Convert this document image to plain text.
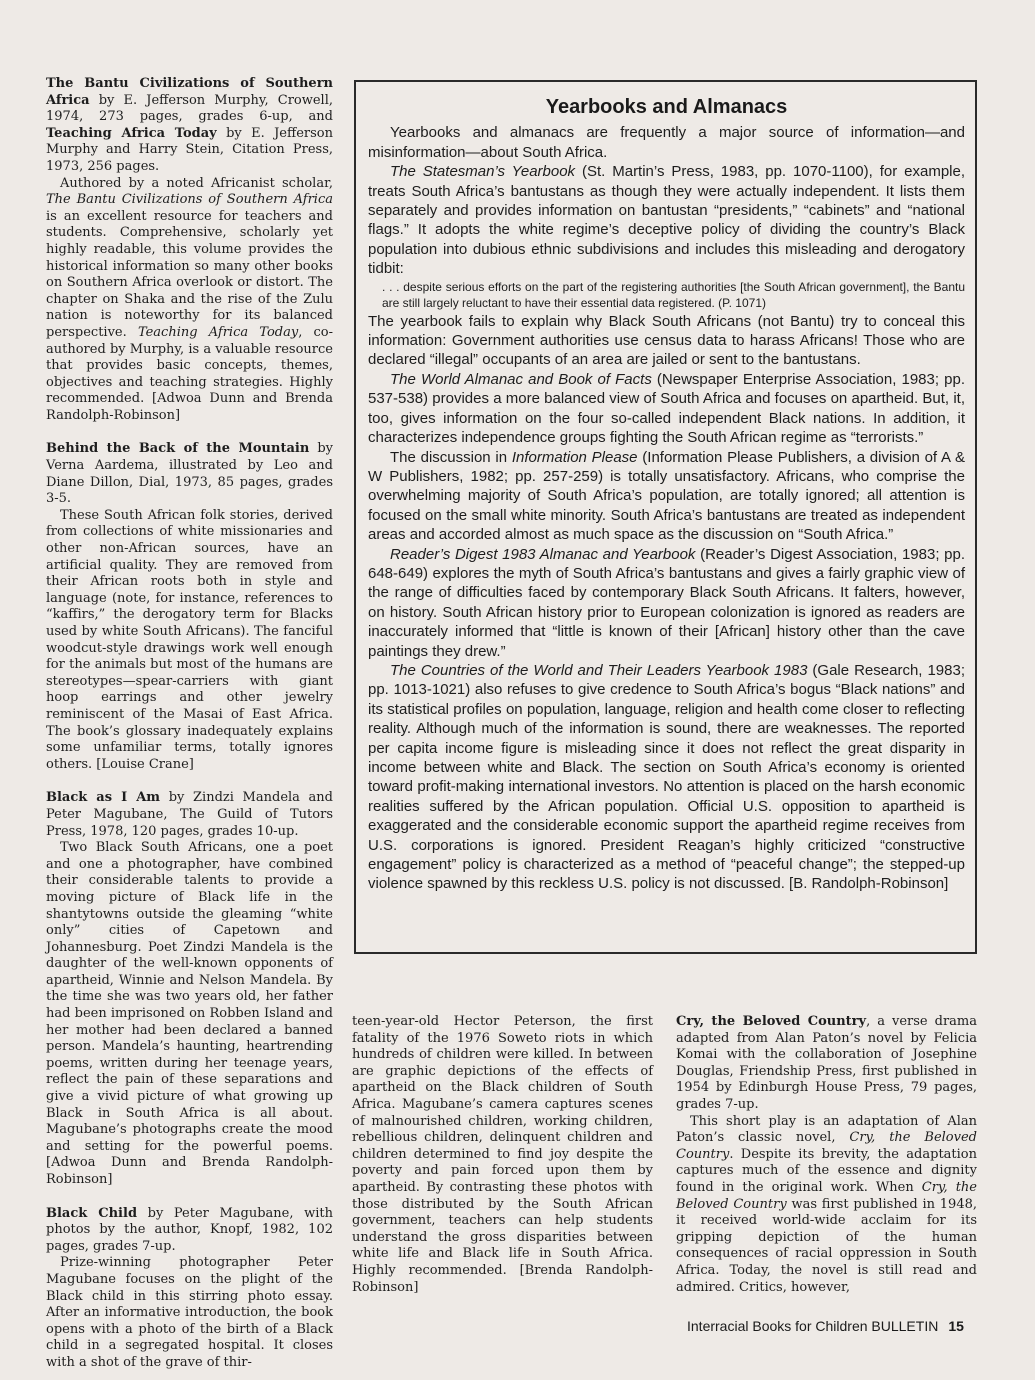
The Bantu Civilizations of Southern Africa by E. Jefferson Murphy, Crowell, 1974, 273 pages, grades 6-up, and Teaching Africa Today by E. Jefferson Murphy and Harry Stein, Citation Press, 1973, 256 pages.

Authored by a noted Africanist scholar, The Bantu Civilizations of Southern Africa is an excellent resource for teachers and students. Comprehensive, scholarly yet highly readable, this volume provides the historical information so many other books on Southern Africa overlook or distort. The chapter on Shaka and the rise of the Zulu nation is noteworthy for its balanced perspective. Teaching Africa Today, co-authored by Murphy, is a valuable resource that provides basic concepts, themes, objectives and teaching strategies. Highly recommended. [Adwoa Dunn and Brenda Randolph-Robinson]

Behind the Back of the Mountain by Verna Aardema, illustrated by Leo and Diane Dillon, Dial, 1973, 85 pages, grades 3-5.

These South African folk stories, derived from collections of white missionaries and other non-African sources, have an artificial quality. They are removed from their African roots both in style and language (note, for instance, references to “kaffirs,” the derogatory term for Blacks used by white South Africans). The fanciful woodcut-style drawings work well enough for the animals but most of the humans are stereotypes—spear-carriers with giant hoop earrings and other jewelry reminiscent of the Masai of East Africa. The book’s glossary inadequately explains some unfamiliar terms, totally ignores others. [Louise Crane]

Black as I Am by Zindzi Mandela and Peter Magubane, The Guild of Tutors Press, 1978, 120 pages, grades 10-up.

Two Black South Africans, one a poet and one a photographer, have combined their considerable talents to provide a moving picture of Black life in the shantytowns outside the gleaming “white only” cities of Capetown and Johannesburg. Poet Zindzi Mandela is the daughter of the well-known opponents of apartheid, Winnie and Nelson Mandela. By the time she was two years old, her father had been imprisoned on Robben Island and her mother had been declared a banned person. Mandela’s haunting, heartrending poems, written during her teenage years, reflect the pain of these separations and give a vivid picture of what growing up Black in South Africa is all about. Magubane’s photographs create the mood and setting for the powerful poems. [Adwoa Dunn and Brenda Randolph-Robinson]

Black Child by Peter Magubane, with photos by the author, Knopf, 1982, 102 pages, grades 7-up.

Prize-winning photographer Peter Magubane focuses on the plight of the Black child in this stirring photo essay. After an informative introduction, the book opens with a photo of the birth of a Black child in a segregated hospital. It closes with a shot of the grave of thir-

Yearbooks and Almanacs

Yearbooks and almanacs are frequently a major source of information—and misinformation—about South Africa.

The Statesman’s Yearbook (St. Martin’s Press, 1983, pp. 1070-1100), for example, treats South Africa’s bantustans as though they were actually independent. It lists them separately and provides information on bantustan “presidents,” “cabinets” and “national flags.” It adopts the white regime’s deceptive policy of dividing the country’s Black population into dubious ethnic subdivisions and includes this misleading and derogatory tidbit:

. . . despite serious efforts on the part of the registering authorities [the South African government], the Bantu are still largely reluctant to have their essential data registered. (P. 1071)

The yearbook fails to explain why Black South Africans (not Bantu) try to conceal this information: Government authorities use census data to harass Africans! Those who are declared “illegal” occupants of an area are jailed or sent to the bantustans.

The World Almanac and Book of Facts (Newspaper Enterprise Association, 1983; pp. 537-538) provides a more balanced view of South Africa and focuses on apartheid. But, it, too, gives information on the four so-called independent Black nations. In addition, it characterizes independence groups fighting the South African regime as “terrorists.”

The discussion in Information Please (Information Please Publishers, a division of A & W Publishers, 1982; pp. 257-259) is totally unsatisfactory. Africans, who comprise the overwhelming majority of South Africa’s population, are totally ignored; all attention is focused on the small white minority. South Africa’s bantustans are treated as independent areas and accorded almost as much space as the discussion on “South Africa.”

Reader’s Digest 1983 Almanac and Yearbook (Reader’s Digest Association, 1983; pp. 648-649) explores the myth of South Africa’s bantustans and gives a fairly graphic view of the range of difficulties faced by contemporary Black South Africans. It falters, however, on history. South African history prior to European colonization is ignored as readers are inaccurately informed that “little is known of their [African] history other than the cave paintings they drew.”

The Countries of the World and Their Leaders Yearbook 1983 (Gale Research, 1983; pp. 1013-1021) also refuses to give credence to South Africa’s bogus “Black nations” and its statistical profiles on population, language, religion and health come closer to reflecting reality. Although much of the information is sound, there are weaknesses. The reported per capita income figure is misleading since it does not reflect the great disparity in income between white and Black. The section on South Africa’s economy is oriented toward profit-making international investors. No attention is placed on the harsh economic realities suffered by the African population. Official U.S. opposition to apartheid is exaggerated and the considerable economic support the apartheid regime receives from U.S. corporations is ignored. President Reagan’s highly criticized “constructive engagement” policy is characterized as a method of “peaceful change”; the stepped-up violence spawned by this reckless U.S. policy is not discussed. [B. Randolph-Robinson]

teen-year-old Hector Peterson, the first fatality of the 1976 Soweto riots in which hundreds of children were killed. In between are graphic depictions of the effects of apartheid on the Black children of South Africa. Magubane’s camera captures scenes of malnourished children, working children, rebellious children, delinquent children and children determined to find joy despite the poverty and pain forced upon them by apartheid. By contrasting these photos with those distributed by the South African government, teachers can help students understand the gross disparities between white life and Black life in South Africa. Highly recommended. [Brenda Randolph-Robinson]

Cry, the Beloved Country, a verse drama adapted from Alan Paton’s novel by Felicia Komai with the collaboration of Josephine Douglas, Friendship Press, first published in 1954 by Edinburgh House Press, 79 pages, grades 7-up.

This short play is an adaptation of Alan Paton’s classic novel, Cry, the Beloved Country. Despite its brevity, the adaptation captures much of the essence and dignity found in the original work. When Cry, the Beloved Country was first published in 1948, it received world-wide acclaim for its gripping depiction of the human consequences of racial oppression in South Africa. Today, the novel is still read and admired. Critics, however,

Interracial Books for Children BULLETIN 15
